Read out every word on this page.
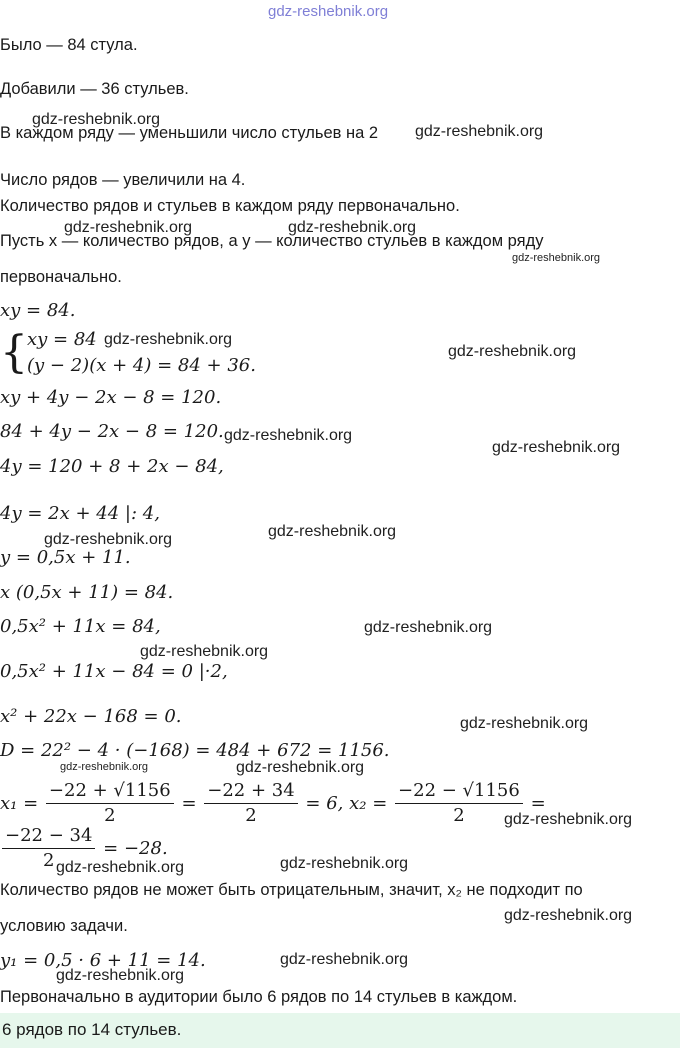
gdz-reshebnik.org
Было — 84 стула.
Добавили — 36 стульев.
В каждом ряду — уменьшили число стульев на 2
Число рядов — увеличили на 4.
Количество рядов и стульев в каждом ряду первоначально.
Пусть x — количество рядов, а y — количество стульев в каждом ряду
первоначально.
xy = 84.
{ xy = 84
(y − 2)(x + 4) = 84 + 36.
xy + 4y − 2x − 8 = 120.
84 + 4y − 2x − 8 = 120.
4y = 120 + 8 + 2x − 84,
4y = 2x + 44 |: 4,
y = 0,5x + 11.
x (0,5x + 11) = 84.
0,5x² + 11x = 84,
0,5x² + 11x − 84 = 0 |·2,
x² + 22x − 168 = 0.
D = 22² − 4 · (−168) = 484 + 672 = 1156.
$x_1 = \frac{-22 + √1156}{2} = \frac{-22 + 34}{2} = 6$, $x_2 = \frac{-22 - √1156}{2}$ =
$\frac{-22 - 34}{2} = -28$.
Количество рядов не может быть отрицательным, значит, x₂ не подходит по
условию задачи.
y₁ = 0,5 · 6 + 11 = 14.
Первоначально в аудитории было 6 рядов по 14 стульев в каждом.
6 рядов по 14 стульев.
gdz-reshebnik.org
gdz-reshebnik.org
gdz-reshebnik.org	gdz-reshebnik.org
gdz-reshebnik.org
gdz-reshebnik.org
gdz-reshebnik.org
gdz-reshebnik.org
gdz-reshebnik.org
gdz-reshebnik.org
gdz-reshebnik.org
gdz-reshebnik.org
gdz-reshebnik.org
gdz-reshebnik.org
gdz-reshebnik.org	gdz-reshebnik.org
gdz-reshebnik.org
gdz-reshebnik.org
gdz-reshebnik.org
gdz-reshebnik.org
gdz-reshebnik.org
gdz-reshebnik.org
